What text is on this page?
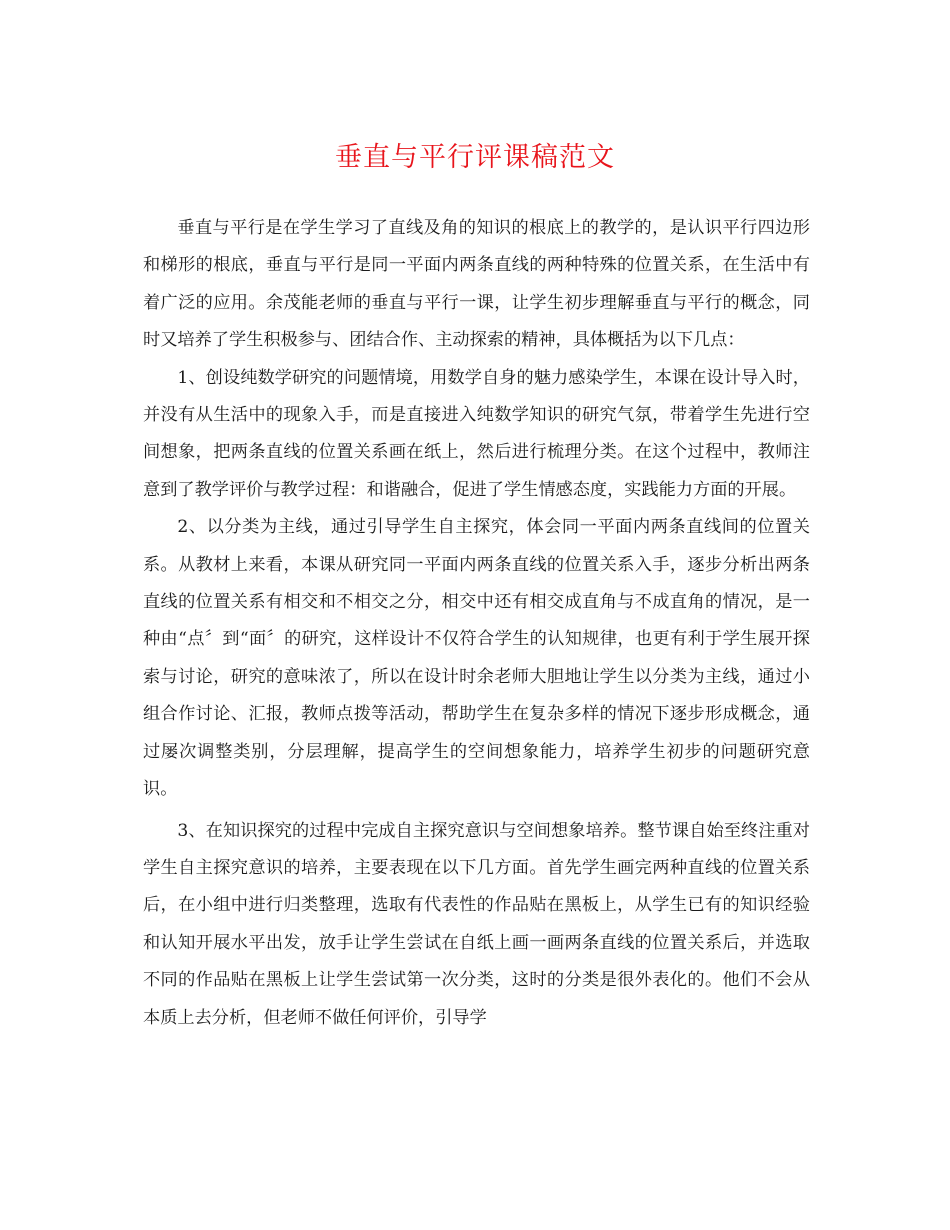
垂直与平行评课稿范文

垂直与平行是在学生学习了直线及角的知识的根底上的教学的，是认识平行四边形和梯形的根底，垂直与平行是同一平面内两条直线的两种特殊的位置关系，在生活中有着广泛的应用。余茂能老师的垂直与平行一课，让学生初步理解垂直与平行的概念，同时又培养了学生积极参与、团结合作、主动探索的精神，具体概括为以下几点：

1、创设纯数学研究的问题情境，用数学自身的魅力感染学生，本课在设计导入时，并没有从生活中的现象入手，而是直接进入纯数学知识的研究气氛，带着学生先进行空间想象，把两条直线的位置关系画在纸上，然后进行梳理分类。在这个过程中，教师注意到了教学评价与教学过程：和谐融合，促进了学生情感态度，实践能力方面的开展。

2、以分类为主线，通过引导学生自主探究，体会同一平面内两条直线间的位置关系。从教材上来看，本课从研究同一平面内两条直线的位置关系入手，逐步分析出两条直线的位置关系有相交和不相交之分，相交中还有相交成直角与不成直角的情况，是一种由“点〞到“面〞的研究，这样设计不仅符合学生的认知规律，也更有利于学生展开探索与讨论，研究的意味浓了，所以在设计时余老师大胆地让学生以分类为主线，通过小组合作讨论、汇报，教师点拨等活动，帮助学生在复杂多样的情况下逐步形成概念，通过屡次调整类别，分层理解，提高学生的空间想象能力，培养学生初步的问题研究意识。

3、在知识探究的过程中完成自主探究意识与空间想象培养。整节课自始至终注重对学生自主探究意识的培养，主要表现在以下几方面。首先学生画完两种直线的位置关系后，在小组中进行归类整理，选取有代表性的作品贴在黑板上，从学生已有的知识经验和认知开展水平出发，放手让学生尝试在自纸上画一画两条直线的位置关系后，并选取不同的作品贴在黑板上让学生尝试第一次分类，这时的分类是很外表化的。他们不会从本质上去分析，但老师不做任何评价，引导学
